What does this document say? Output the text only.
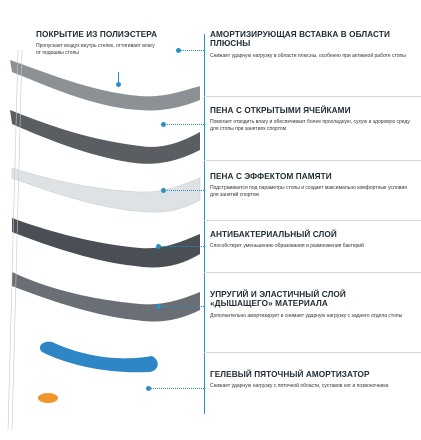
ПОКРЫТИЕ ИЗ ПОЛИЭСТЕРА
Пропускает воздух внутрь стелек, оттягивает влагу от подошвы стопы
АМОРТИЗИРУЮЩАЯ ВСТАВКА В ОБЛАСТИ ПЛЮСНЫ
Снижает ударную нагрузку в области плюсны, особенно при активной работе стопы
ПЕНА С ОТКРЫТЫМИ ЯЧЕЙКАМИ
Помогает отводить влагу и обеспечивает более прохладную, сухую и здоровую среду для стопы при занятиях спортом
ПЕНА С ЭФФЕКТОМ ПАМЯТИ
Подстраивается под параметры стопы и создает максимально комфортные условия для занятий спортом
АНТИБАКТЕРИАЛЬНЫЙ СЛОЙ
Способствует уменьшению образования и размножения бактерий
УПРУГИЙ И ЭЛАСТИЧНЫЙ СЛОЙ «ДЫШАЩЕГО» МАТЕРИАЛА
Дополнительно амортизирует и снимает ударную нагрузку с заднего отдела стопы
ГЕЛЕВЫЙ ПЯТОЧНЫЙ АМОРТИЗАТОР
Снижает ударную нагрузку с пяточной области, суставов ног и позвоночника
